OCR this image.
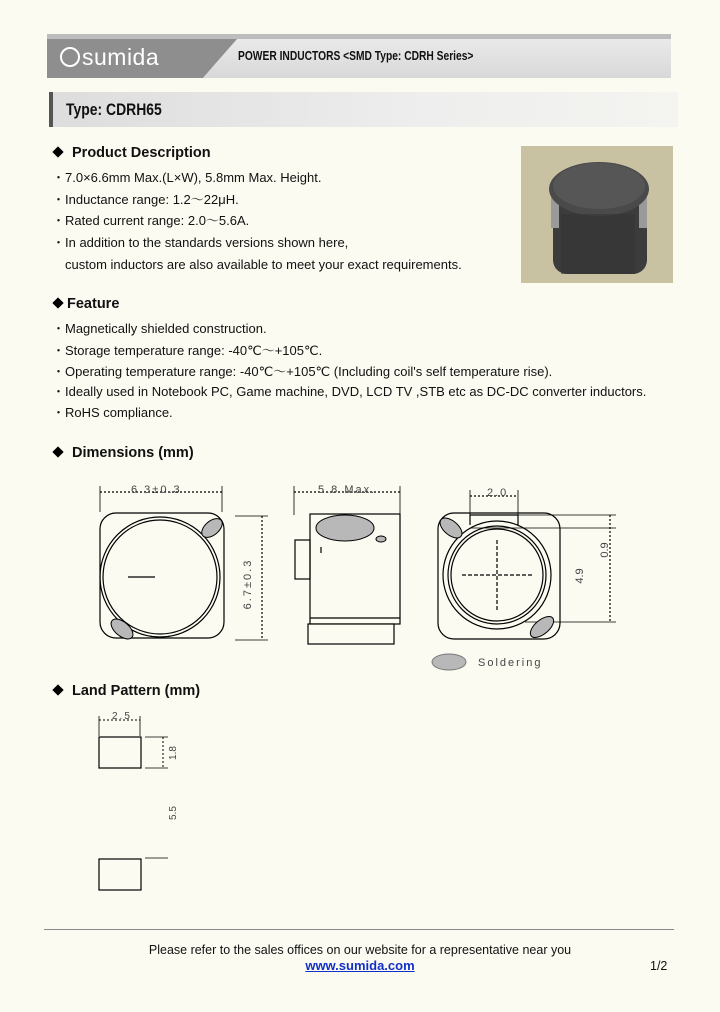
sumida	POWER INDUCTORS <SMD Type: CDRH Series>
Type: CDRH65
Product Description
・7.0×6.6mm Max.(L×W), 5.8mm Max. Height.
・Inductance range: 1.2～22μH.
・Rated current range: 2.0～5.6A.
・In addition to the standards versions shown here,
　custom inductors are also available to meet your exact requirements.
Feature
・Magnetically shielded construction.
・Storage temperature range: -40℃～+105℃.
・Operating temperature range: -40℃～+105℃ (Including coil's self temperature rise).
・Ideally used in Notebook PC, Game machine, DVD, LCD TV ,STB etc as DC-DC converter inductors.
・RoHS compliance.
Dimensions (mm)
6.3±0.3
6.7±0.3
5.8 Max.	2.0
0.9
4.9
Soldering
Land Pattern (mm)
2.5
1.8
5.5
Please refer to the sales offices on our website for a representative near you
www.sumida.com	1/2
